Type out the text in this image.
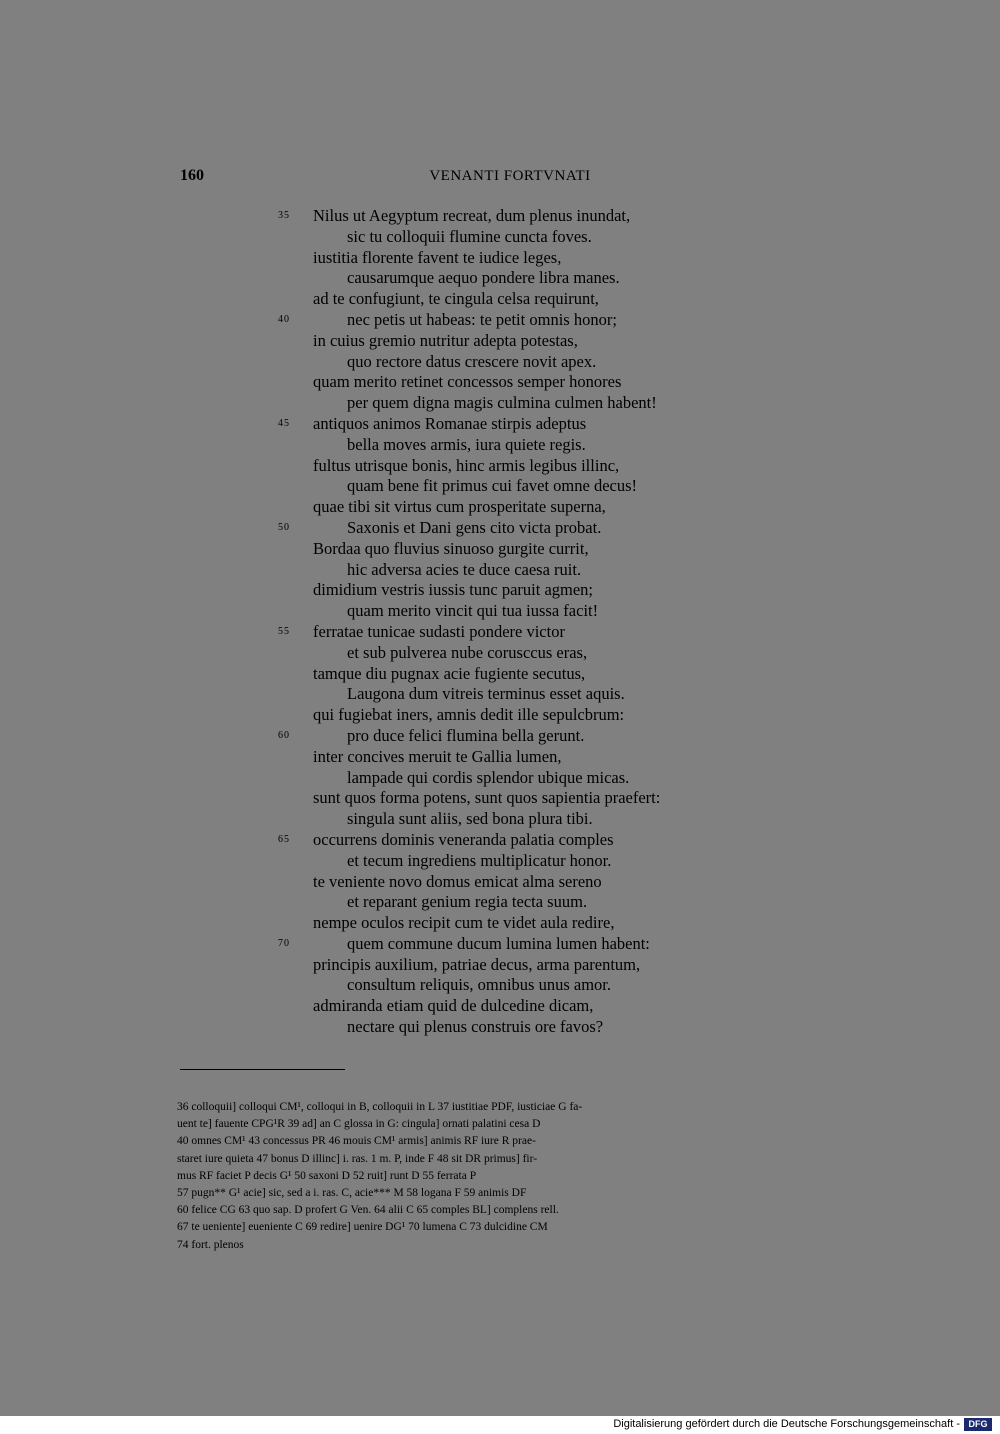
160	VENANTI FORTVNATI
35 Nilus ut Aegyptum recreat, dum plenus inundat,
sic tu colloquii flumine cuncta foves.
iustitia florente favent te iudice leges,
causarumque aequo pondere libra manes.
ad te confugiunt, te cingula celsa requirunt,
40	nec petis ut habeas: te petit omnis honor;
in cuius gremio nutritur adepta potestas,
quo rectore datus crescere novit apex.
quam merito retinet concessos semper honores
per quem digna magis culmina culmen habent!
45 antiquos animos Romanae stirpis adeptus
bella moves armis, iura quiete regis.
fultus utrisque bonis, hinc armis legibus illinc,
quam bene fit primus cui favet omne decus!
quae tibi sit virtus cum prosperitate superna,
50	Saxonis et Dani gens cito victa probat.
Bordaa quo fluvius sinuoso gurgite currit,
hic adversa acies te duce caesa ruit.
dimidium vestris iussis tunc paruit agmen;
quam merito vincit qui tua iussa facit!
55 ferratae tunicae sudasti pondere victor
et sub pulverea nube corusccus eras,
tamque diu pugnax acie fugiente secutus,
Laugona dum vitreis terminus esset aquis.
qui fugiebat iners, amnis dedit ille sepulcbrum:
60	pro duce felici flumina bella gerunt.
inter conciνes meruit te Gallia lumen,
lampade qui cordis splendor ubique micas.
sunt quos forma potens, sunt quos sapientia praefert:
singula sunt aliis, sed bona plura tibi.
65 occurrens dominis veneranda palatia comples
et tecum ingrediens multiplicatur honor.
te veniente novo domus emicat alma sereno
et reparant genium regia tecta suum.
nempe oculos recipit cum te videt aula redire,
70	quem commune ducum lumina lumen habent:
principis auxilium, patriae decus, arma parentum,
consultum reliquis, omnibus unus amor.
admiranda etiam quid de dulcedine dicam,
nectare qui plenus construis ore favos?
36 colloquii] colloqui CM¹, colloqui in B, colloquii in L 37 iustitiae PDF, iusticiae G fa-
uent te] fauente CPG¹R 39 ad] an C glossa in G: cingula] ornati palatini cesa D
40 omnes CM¹ 43 concessus PR 46 mouis CM¹ armis] animis RF iure R prae-
staret iure quieta 47 bonus D illinc] i. ras. 1 m. P, inde F 48 sit DR primus] fir-
mus RF faciet P decis G¹ 50 saxoni D 52 ruit] runt D 55 ferrata P
57 pugn** G¹ acie] sic, sed a i. ras. C, acie*** M 58 logana F 59 animis DF
60 felice CG 63 quo sap. D profert G Ven. 64 alii C 65 comples BL] complens rell.
67 te ueniente] eueniente C 69 redire] uenire DG¹ 70 lumena C 73 dulcidine CM
74 fort. plenos
Digitalisierung gefördert durch die Deutsche Forschungsgemeinschaft - DFG
